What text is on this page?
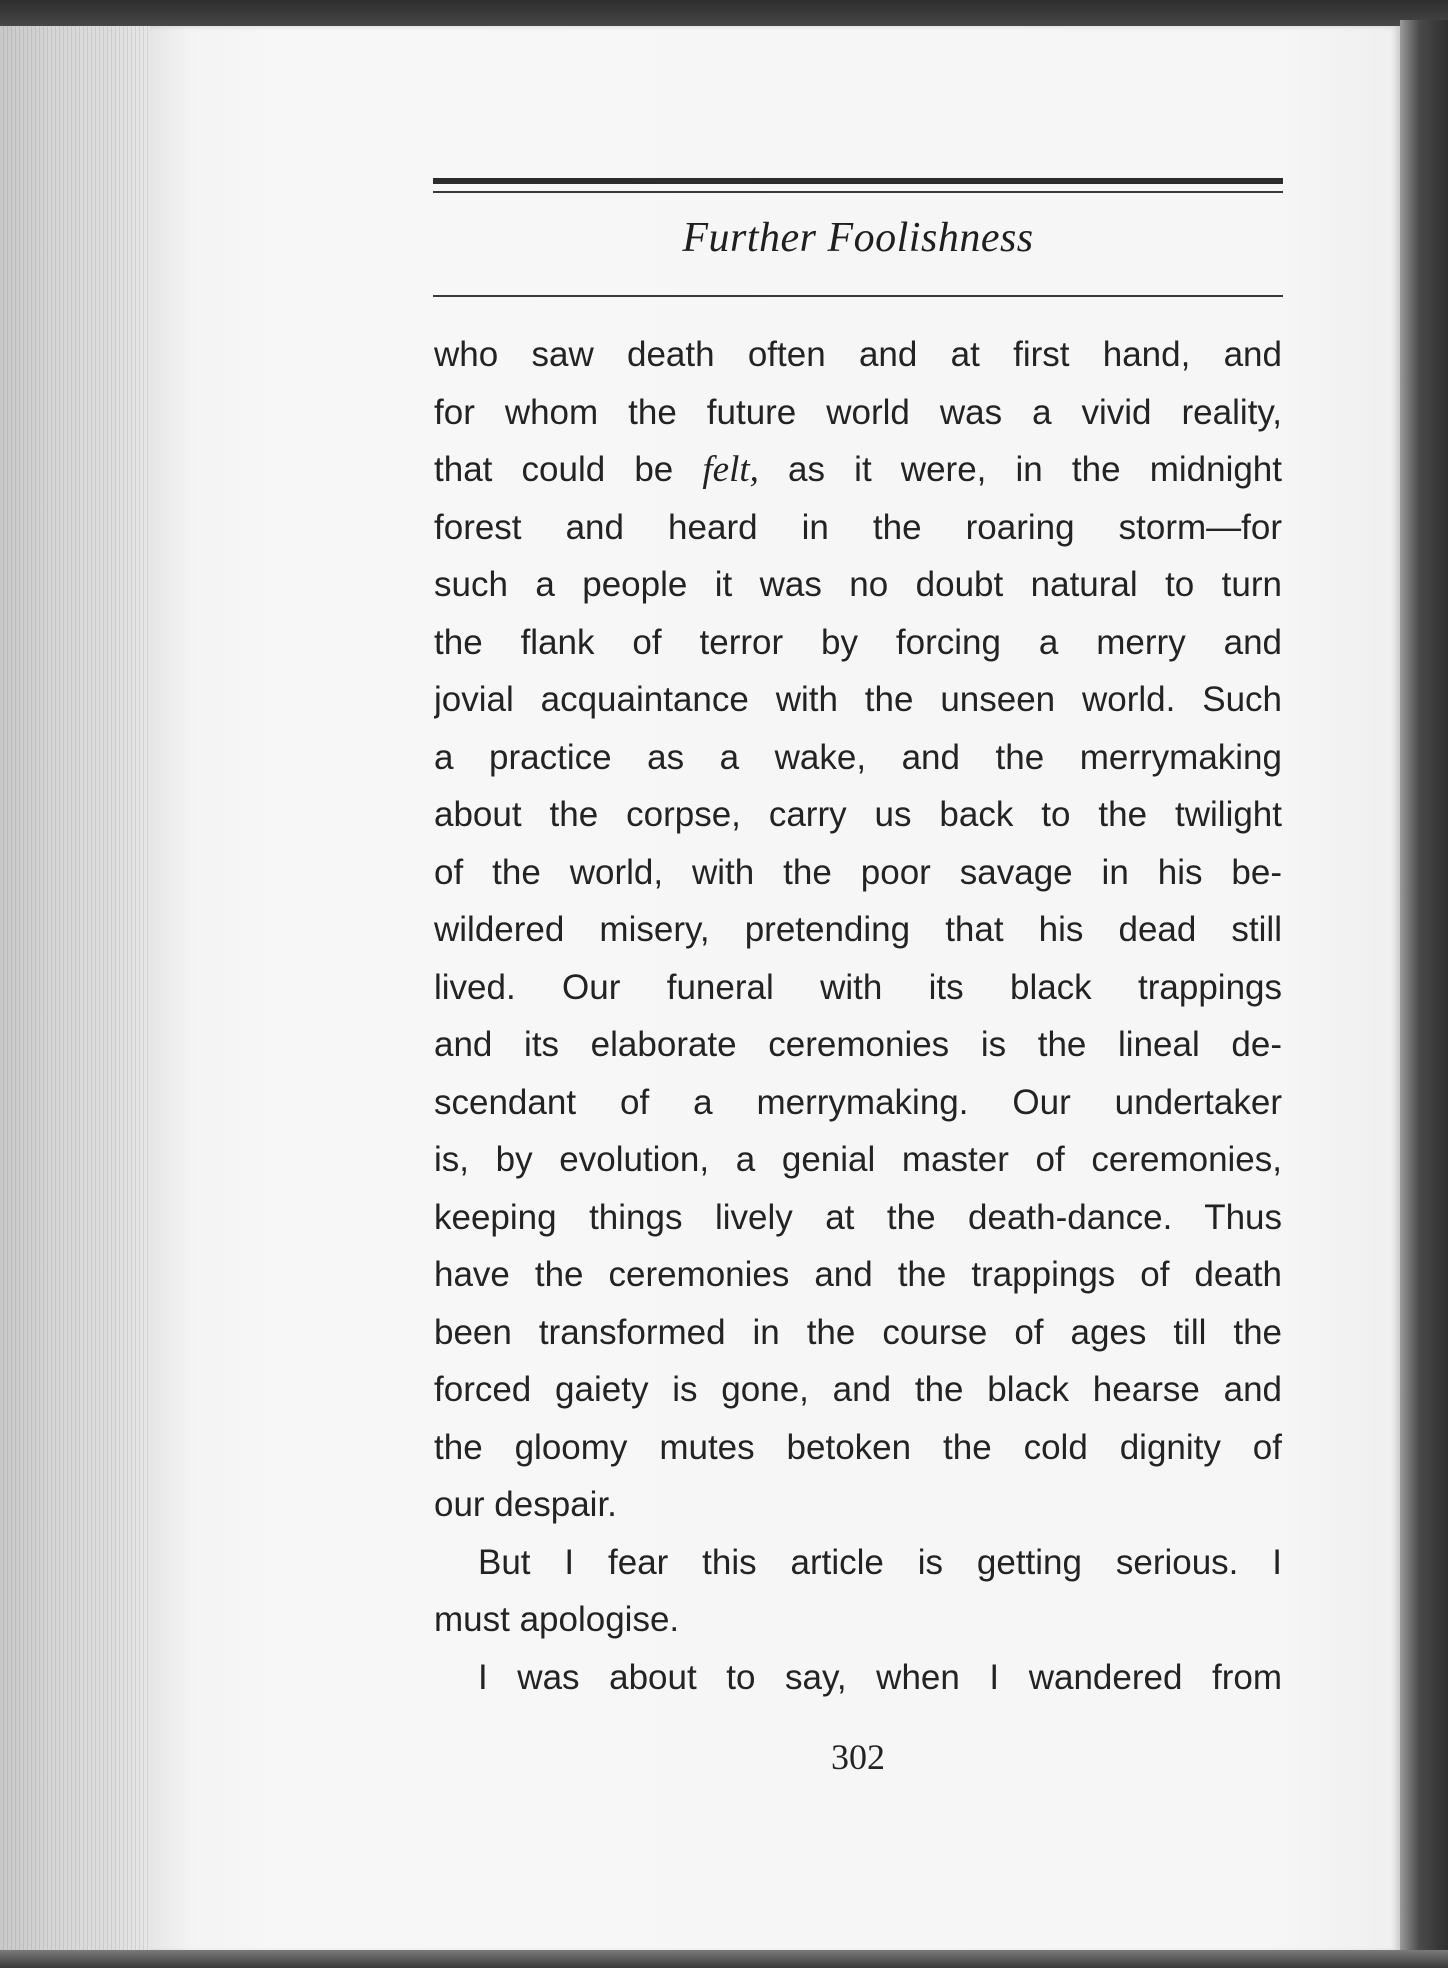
Further Foolishness
who saw death often and at first hand, and
for whom the future world was a vivid reality,
that could be felt, as it were, in the midnight
forest and heard in the roaring storm—for
such a people it was no doubt natural to turn
the flank of terror by forcing a merry and
jovial acquaintance with the unseen world. Such
a practice as a wake, and the merrymaking
about the corpse, carry us back to the twilight
of the world, with the poor savage in his be-
wildered misery, pretending that his dead still
lived. Our funeral with its black trappings
and its elaborate ceremonies is the lineal de-
scendant of a merrymaking. Our undertaker
is, by evolution, a genial master of ceremonies,
keeping things lively at the death-dance. Thus
have the ceremonies and the trappings of death
been transformed in the course of ages till the
forced gaiety is gone, and the black hearse and
the gloomy mutes betoken the cold dignity of
our despair.
But I fear this article is getting serious. I
must apologise.
I was about to say, when I wandered from
302
